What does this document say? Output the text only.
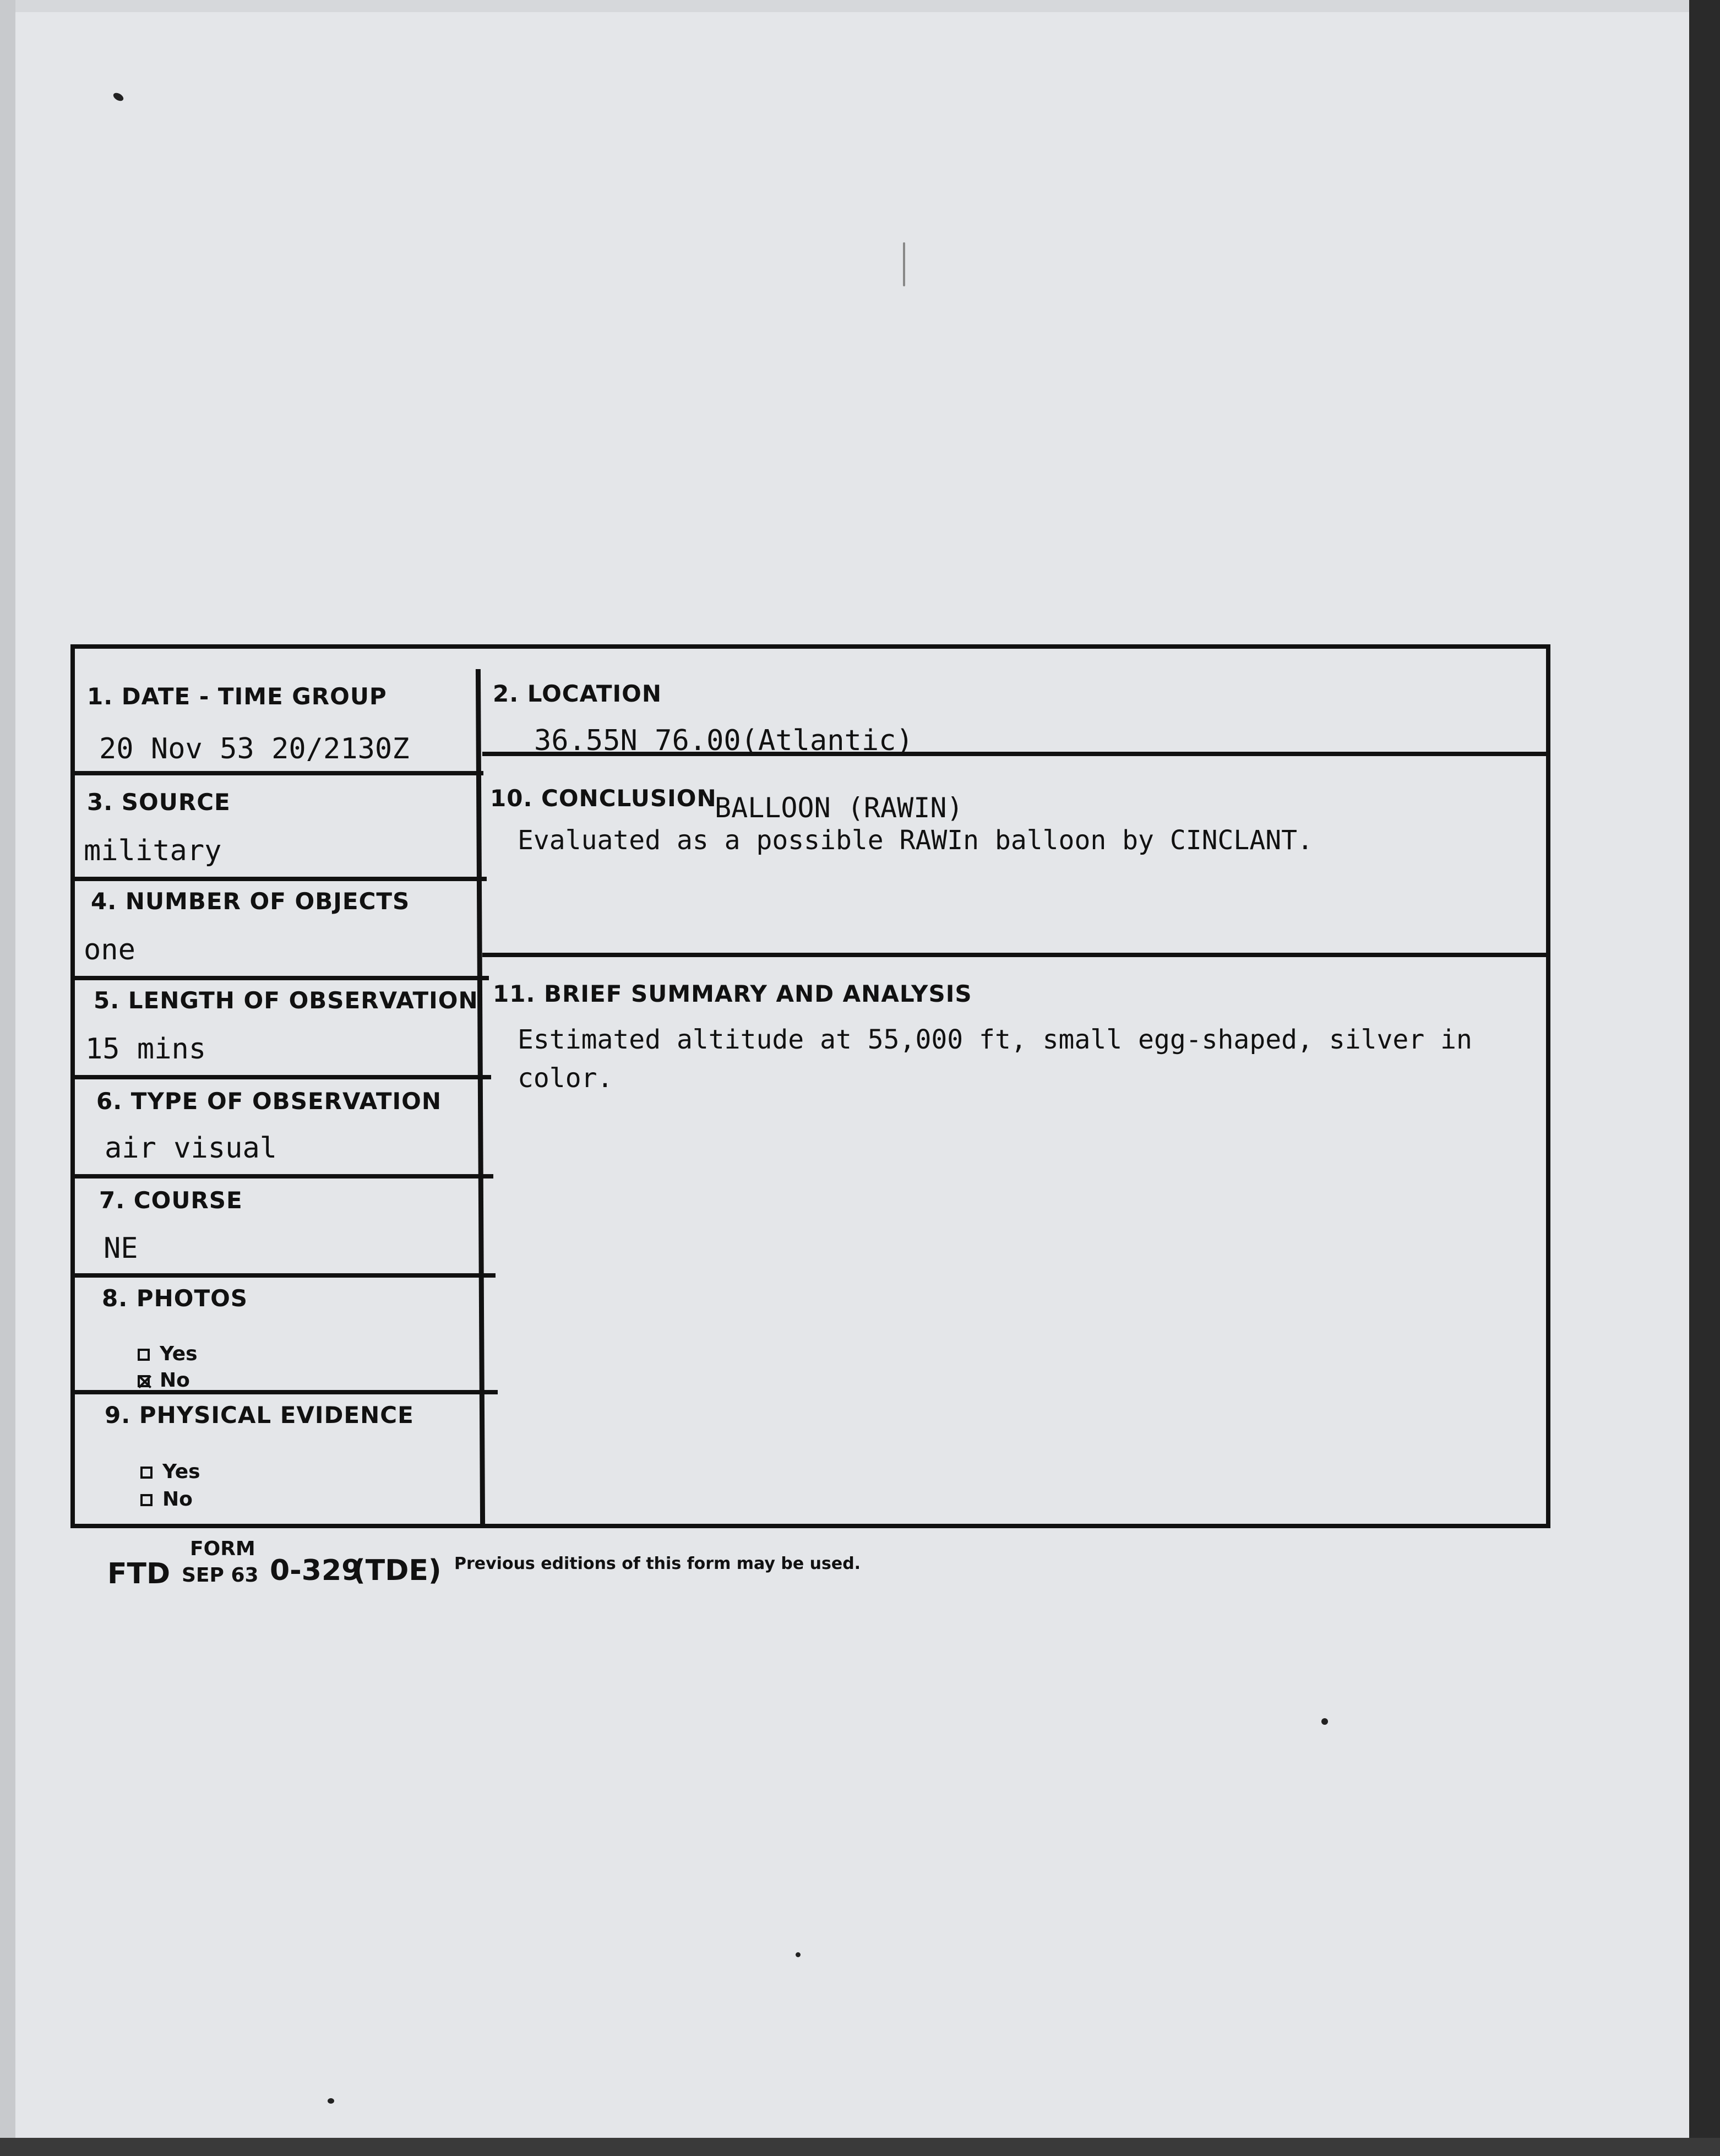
1. DATE - TIME GROUP
20 Nov 53 20/2130Z
2. LOCATION
36.55N 76.00(Atlantic)
3. SOURCE
military
4. NUMBER OF OBJECTS
one
5. LENGTH OF OBSERVATION
15 mins
6. TYPE OF OBSERVATION
air visual
7. COURSE
NE
8. PHOTOS
Yes
No
9. PHYSICAL EVIDENCE
Yes
No
10. CONCLUSION
BALLOON (RAWIN)
Evaluated as a possible RAWIn balloon by CINCLANT.
11. BRIEF SUMMARY AND ANALYSIS
Estimated altitude at 55,000 ft, small egg-shaped, silver in
color.
FTD
FORM
SEP 63 0-329
(TDE) Previous editions of this form may be used.
